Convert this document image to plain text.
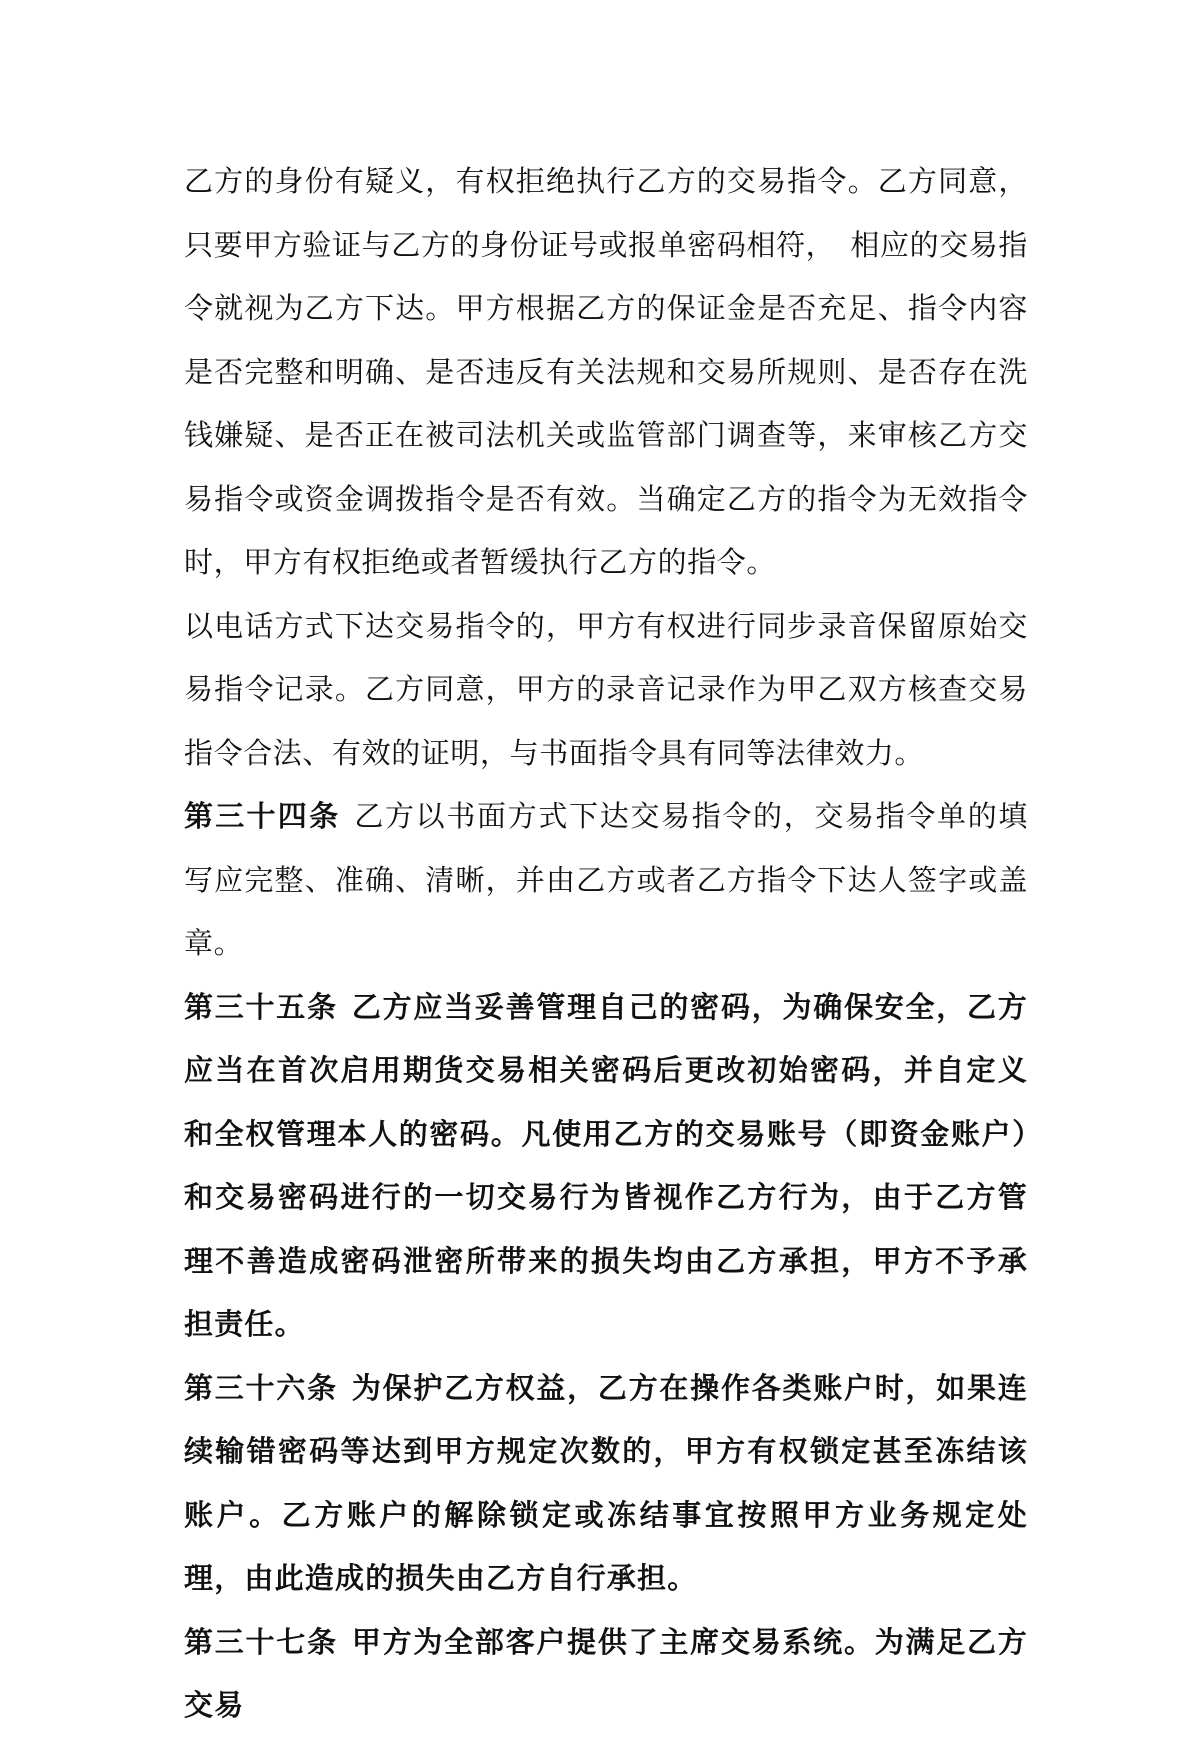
乙方的身份有疑义，有权拒绝执行乙方的交易指令。乙方同意，只要甲方验证与乙方的身份证号或报单密码相符，　相应的交易指令就视为乙方下达。甲方根据乙方的保证金是否充足、指令内容是否完整和明确、是否违反有关法规和交易所规则、是否存在洗钱嫌疑、是否正在被司法机关或监管部门调查等，来审核乙方交易指令或资金调拨指令是否有效。当确定乙方的指令为无效指令时，甲方有权拒绝或者暂缓执行乙方的指令。

以电话方式下达交易指令的，甲方有权进行同步录音保留原始交易指令记录。乙方同意，甲方的录音记录作为甲乙双方核查交易指令合法、有效的证明，与书面指令具有同等法律效力。

第三十四条 乙方以书面方式下达交易指令的，交易指令单的填写应完整、准确、清晰，并由乙方或者乙方指令下达人签字或盖章。

第三十五条 乙方应当妥善管理自己的密码，为确保安全，乙方应当在首次启用期货交易相关密码后更改初始密码，并自定义和全权管理本人的密码。凡使用乙方的交易账号（即资金账户）和交易密码进行的一切交易行为皆视作乙方行为，由于乙方管理不善造成密码泄密所带来的损失均由乙方承担，甲方不予承担责任。

第三十六条 为保护乙方权益，乙方在操作各类账户时，如果连续输错密码等达到甲方规定次数的，甲方有权锁定甚至冻结该账户。乙方账户的解除锁定或冻结事宜按照甲方业务规定处理，由此造成的损失由乙方自行承担。

第三十七条 甲方为全部客户提供了主席交易系统。为满足乙方交易
